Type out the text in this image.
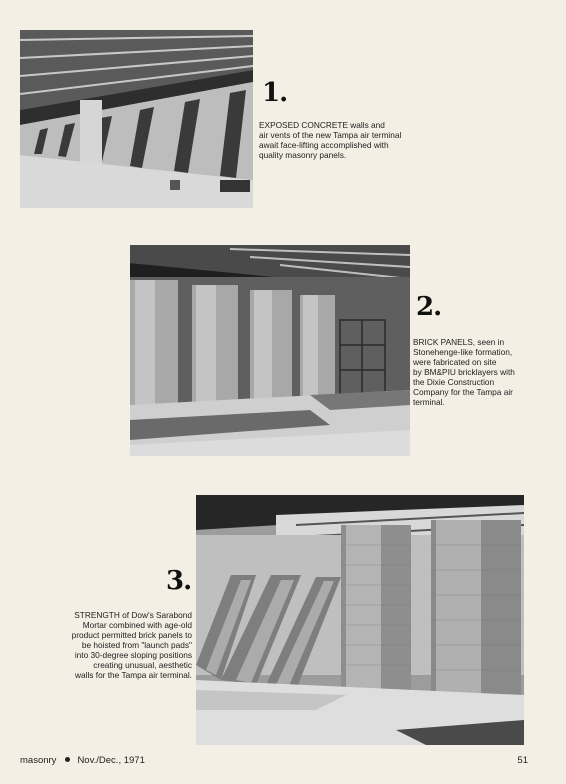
1.
EXPOSED CONCRETE walls and
air vents of the new Tampa air terminal
await face-lifting accomplished with
quality masonry panels.
2.
BRICK PANELS, seen in
Stonehenge-like formation,
were fabricated on site
by BM&PIU bricklayers with
the Dixie Construction
Company for the Tampa air
terminal.
3.
STRENGTH of Dow's Sarabond
Mortar combined with age-old
product permitted brick panels to
be hoisted from "launch pads"
into 30-degree sloping positions
creating unusual, aesthetic
walls for the Tampa air terminal.
masonry Nov./Dec., 1971	51
